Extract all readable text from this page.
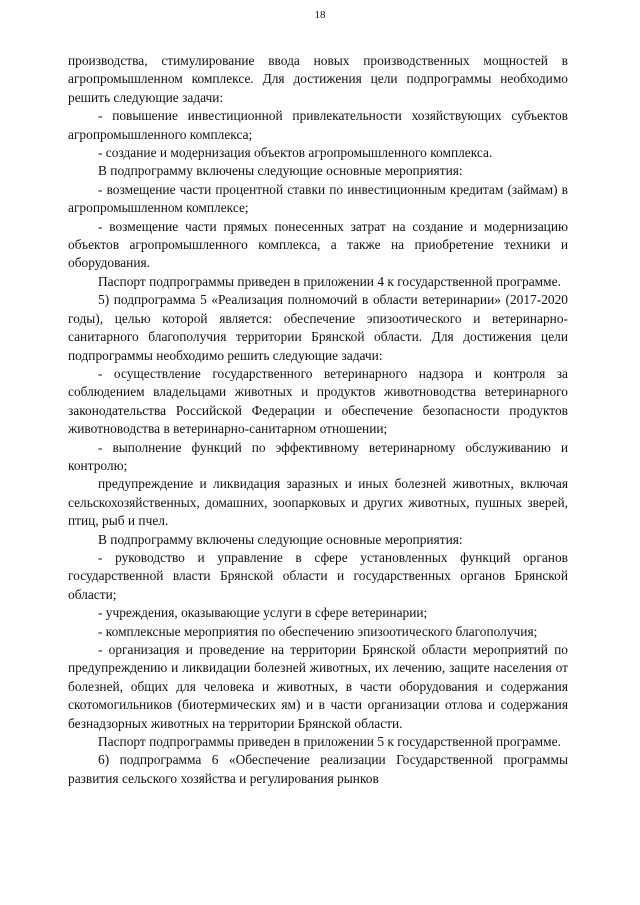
18

производства, стимулирование ввода новых производственных мощностей в агропромышленном комплексе. Для достижения цели подпрограммы необходимо решить следующие задачи:

- повышение инвестиционной привлекательности хозяйствующих субъектов агропромышленного комплекса;

- создание и модернизация объектов агропромышленного комплекса.

В подпрограмму включены следующие основные мероприятия:

- возмещение части процентной ставки по инвестиционным кредитам (займам) в агропромышленном комплексе;

- возмещение части прямых понесенных затрат на создание и модернизацию объектов агропромышленного комплекса, а также на приобретение техники и оборудования.

Паспорт подпрограммы приведен в приложении 4 к государственной программе.

5) подпрограмма 5 «Реализация полномочий в области ветеринарии» (2017-2020 годы), целью которой является: обеспечение эпизоотического и ветеринарно-санитарного благополучия территории Брянской области. Для достижения цели подпрограммы необходимо решить следующие задачи:

- осуществление государственного ветеринарного надзора и контроля за соблюдением владельцами животных и продуктов животноводства ветеринарного законодательства Российской Федерации и обеспечение безопасности продуктов животноводства в ветеринарно-санитарном отношении;

- выполнение функций по эффективному ветеринарному обслуживанию и контролю;

предупреждение и ликвидация заразных и иных болезней животных, включая сельскохозяйственных, домашних, зоопарковых и других животных, пушных зверей, птиц, рыб и пчел.

В подпрограмму включены следующие основные мероприятия:

- руководство и управление в сфере установленных функций органов государственной власти Брянской области и государственных органов Брянской области;

- учреждения, оказывающие услуги в сфере ветеринарии;

- комплексные мероприятия по обеспечению эпизоотического благополучия;

- организация и проведение на территории Брянской области мероприятий по предупреждению и ликвидации болезней животных, их лечению, защите населения от болезней, общих для человека и животных, в части оборудования и содержания скотомогильников (биотермических ям) и в части организации отлова и содержания безнадзорных животных на территории Брянской области.

Паспорт подпрограммы приведен в приложении 5 к государственной программе.

6) подпрограмма 6 «Обеспечение реализации Государственной программы развития сельского хозяйства и регулирования рынков
